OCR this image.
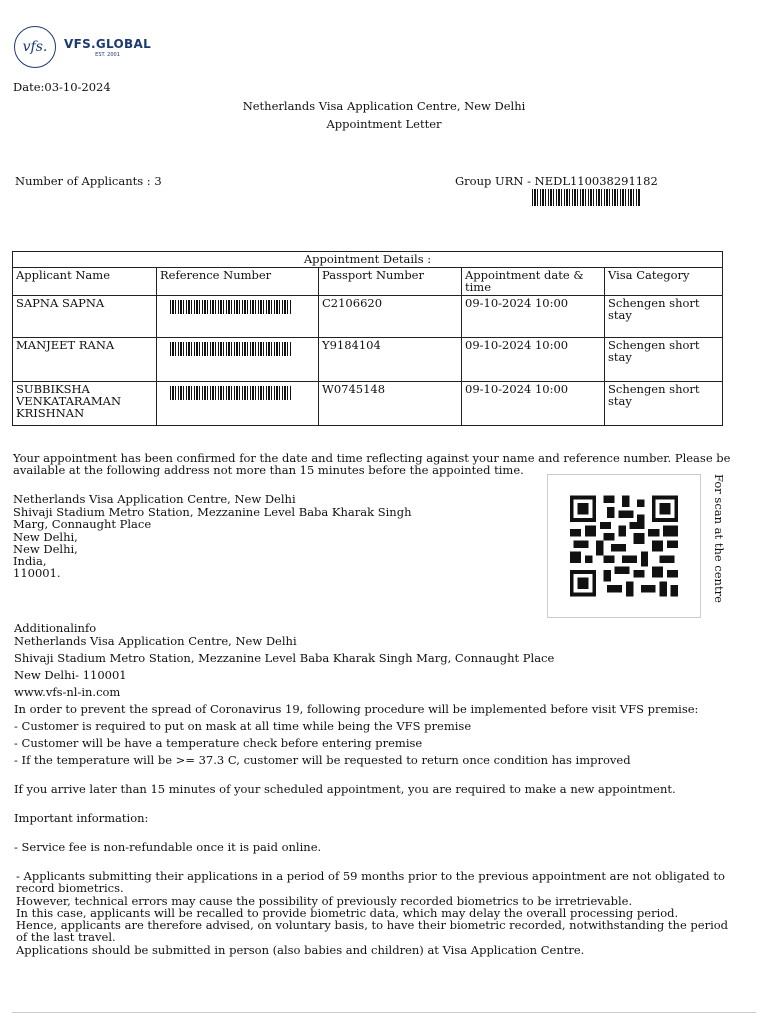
vfs.	VFS.GLOBAL
EST. 2001
Date:03-10-2024
Netherlands Visa Application Centre, New Delhi
Appointment Letter
Number of Applicants : 3	Group URN - NEDL110038291182
Appointment Details :				
Applicant Name	Reference Number	Passport Number	Appointment date & time	Visa Category
SAPNA SAPNA		C2106620	09-10-2024 10:00	Schengen short stay
MANJEET RANA		Y9184104	09-10-2024 10:00	Schengen short stay
SUBBIKSHA VENKATARAMAN KRISHNAN		W0745148	09-10-2024 10:00	Schengen short stay
Your appointment has been confirmed for the date and time reflecting against your name and reference number. Please be available at the following address not more than 15 minutes before the appointed time.
Netherlands Visa Application Centre, New Delhi
Shivaji Stadium Metro Station, Mezzanine Level Baba Kharak Singh
Marg, Connaught Place
New Delhi,
New Delhi,
India,
110001.	For scan at the centre
Additionalinfo
Netherlands Visa Application Centre, New Delhi
Shivaji Stadium Metro Station, Mezzanine Level Baba Kharak Singh Marg, Connaught Place
New Delhi- 110001
www.vfs-nl-in.com
In order to prevent the spread of Coronavirus 19, following procedure will be implemented before visit VFS premise:
- Customer is required to put on mask at all time while being the VFS premise
- Customer will be have a temperature check before entering premise
- If the temperature will be >= 37.3 C, customer will be requested to return once condition has improved
If you arrive later than 15 minutes of your scheduled appointment, you are required to make a new appointment.
Important information:
- Service fee is non-refundable once it is paid online.
- Applicants submitting their applications in a period of 59 months prior to the previous appointment are not obligated to record biometrics.
However, technical errors may cause the possibility of previously recorded biometrics to be irretrievable.
In this case, applicants will be recalled to provide biometric data, which may delay the overall processing period.
Hence, applicants are therefore advised, on voluntary basis, to have their biometric recorded, notwithstanding the period of the last travel.
Applications should be submitted in person (also babies and children) at Visa Application Centre.
